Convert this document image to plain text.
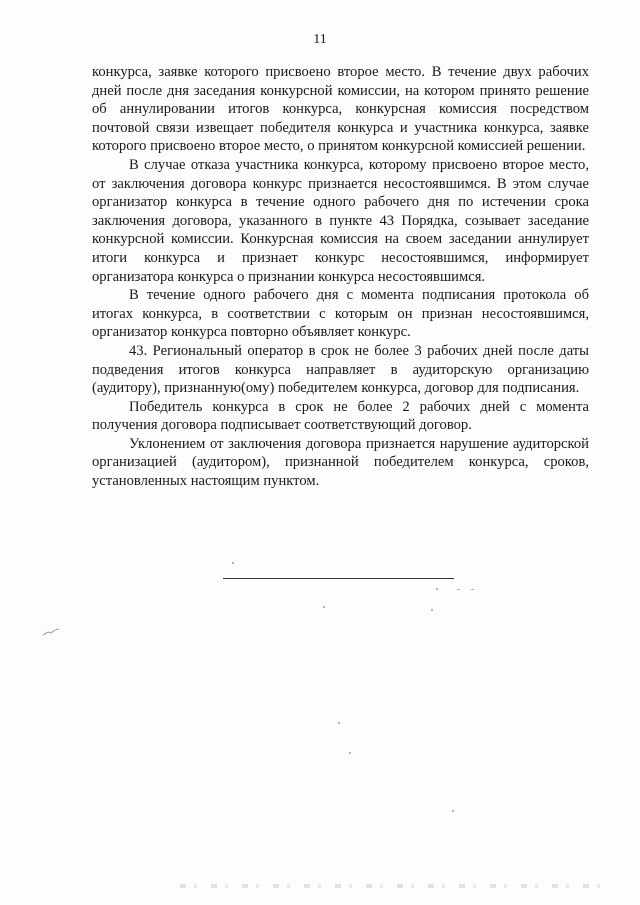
11

конкурса, заявке которого присвоено второе место. В течение двух рабочих дней после дня заседания конкурсной комиссии, на котором принято решение об аннулировании итогов конкурса, конкурсная комиссия посредством почтовой связи извещает победителя конкурса и участника конкурса, заявке которого присвоено второе место, о принятом конкурсной комиссией решении.

В случае отказа участника конкурса, которому присвоено второе место, от заключения договора конкурс признается несостоявшимся. В этом случае организатор конкурса в течение одного рабочего дня по истечении срока заключения договора, указанного в пункте 43 Порядка, созывает заседание конкурсной комиссии. Конкурсная комиссия на своем заседании аннулирует итоги конкурса и признает конкурс несостоявшимся, информирует организатора конкурса о признании конкурса несостоявшимся.

В течение одного рабочего дня с момента подписания протокола об итогах конкурса, в соответствии с которым он признан несостоявшимся, организатор конкурса повторно объявляет конкурс.

43. Региональный оператор в срок не более 3 рабочих дней после даты подведения итогов конкурса направляет в аудиторскую организацию (аудитору), признанную(ому) победителем конкурса, договор для подписания.

Победитель конкурса в срок не более 2 рабочих дней с момента получения договора подписывает соответствующий договор.

Уклонением от заключения договора признается нарушение аудиторской организацией (аудитором), признанной победителем конкурса, сроков, установленных настоящим пунктом.
